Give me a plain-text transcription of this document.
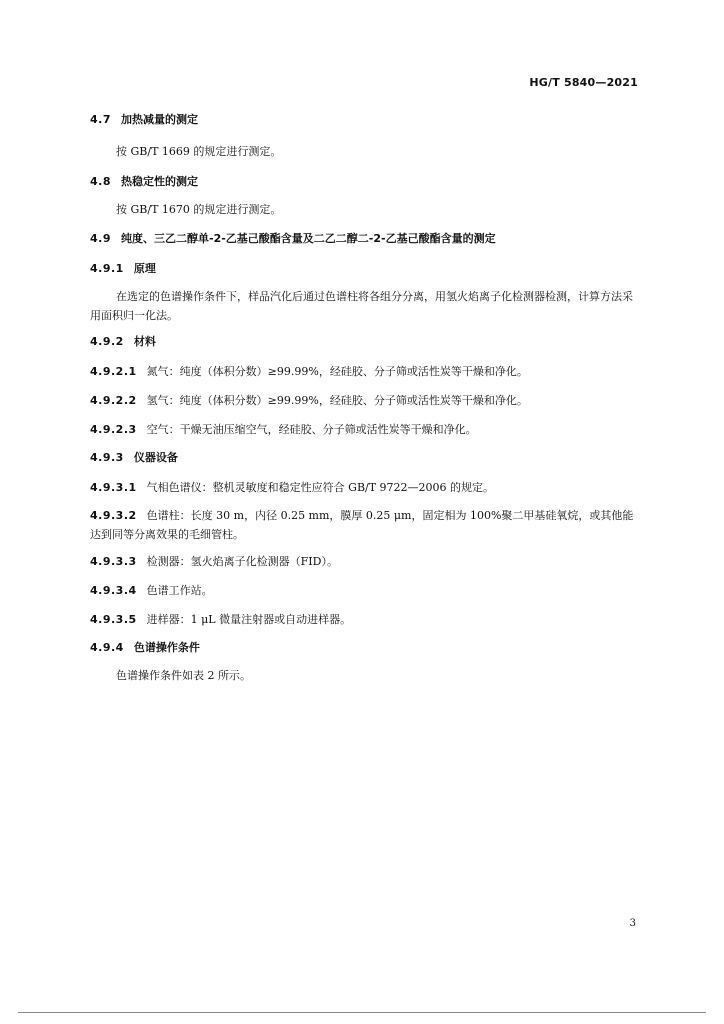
HG/T 5840—2021
4.7 加热减量的测定
按 GB/T 1669 的规定进行测定。
4.8 热稳定性的测定
按 GB/T 1670 的规定进行测定。
4.9 纯度、三乙二醇单-2-乙基己酸酯含量及二乙二醇二-2-乙基己酸酯含量的测定
4.9.1 原理
在选定的色谱操作条件下，样品汽化后通过色谱柱将各组分分离，用氢火焰离子化检测器检测，计算方法采用面积归一化法。
4.9.2 材料
4.9.2.1 氮气：纯度（体积分数）≥99.99%，经硅胶、分子筛或活性炭等干燥和净化。
4.9.2.2 氢气：纯度（体积分数）≥99.99%，经硅胶、分子筛或活性炭等干燥和净化。
4.9.2.3 空气：干燥无油压缩空气，经硅胶、分子筛或活性炭等干燥和净化。
4.9.3 仪器设备
4.9.3.1 气相色谱仪：整机灵敏度和稳定性应符合 GB/T 9722—2006 的规定。
4.9.3.2 色谱柱：长度 30 m，内径 0.25 mm，膜厚 0.25 μm，固定相为 100%聚二甲基硅氧烷，或其他能达到同等分离效果的毛细管柱。
4.9.3.3 检测器：氢火焰离子化检测器（FID）。
4.9.3.4 色谱工作站。
4.9.3.5 进样器：1 μL 微量注射器或自动进样器。
4.9.4 色谱操作条件
色谱操作条件如表 2 所示。
3
